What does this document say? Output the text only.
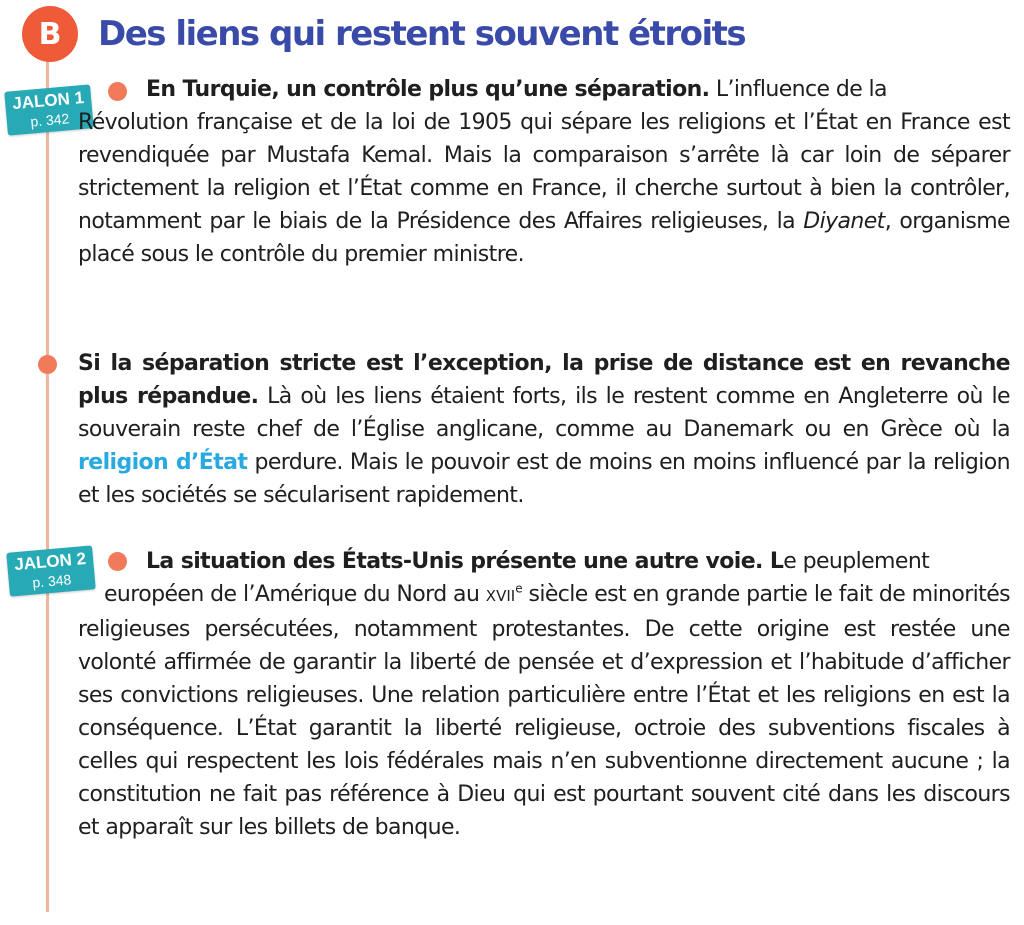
B	Des liens qui restent souvent étroits
JALON 1
p. 342
JALON 2
p. 348
En Turquie, un contrôle plus qu’une séparation. L’influence de la
Révolution française et de la loi de 1905 qui sépare les religions et l’État en France est revendiquée par Mustafa Kemal. Mais la comparaison s’arrête là car loin de séparer strictement la religion et l’État comme en France, il cherche surtout à bien la contrôler, notamment par le biais de la Présidence des Affaires religieuses, la Diyanet, organisme placé sous le contrôle du premier ministre.
Si la séparation stricte est l’exception, la prise de distance est en revanche plus répandue. Là où les liens étaient forts, ils le restent comme en Angleterre où le souverain reste chef de l’Église anglicane, comme au Danemark ou en Grèce où la religion d’État perdure. Mais le pouvoir est de moins en moins influencé par la religion et les sociétés se sécularisent rapidement.
La situation des États-Unis présente une autre voie. Le peuplement
européen de l’Amérique du Nord au XVIIe siècle est en grande partie le fait de minorités religieuses persécutées, notamment protestantes. De cette origine est restée une volonté affirmée de garantir la liberté de pensée et d’expression et l’habitude d’afficher ses convictions religieuses. Une relation particulière entre l’État et les religions en est la conséquence. L’État garantit la liberté religieuse, octroie des subventions fiscales à celles qui respectent les lois fédérales mais n’en subventionne directement aucune ; la constitution ne fait pas référence à Dieu qui est pourtant souvent cité dans les discours et apparaît sur les billets de banque.
